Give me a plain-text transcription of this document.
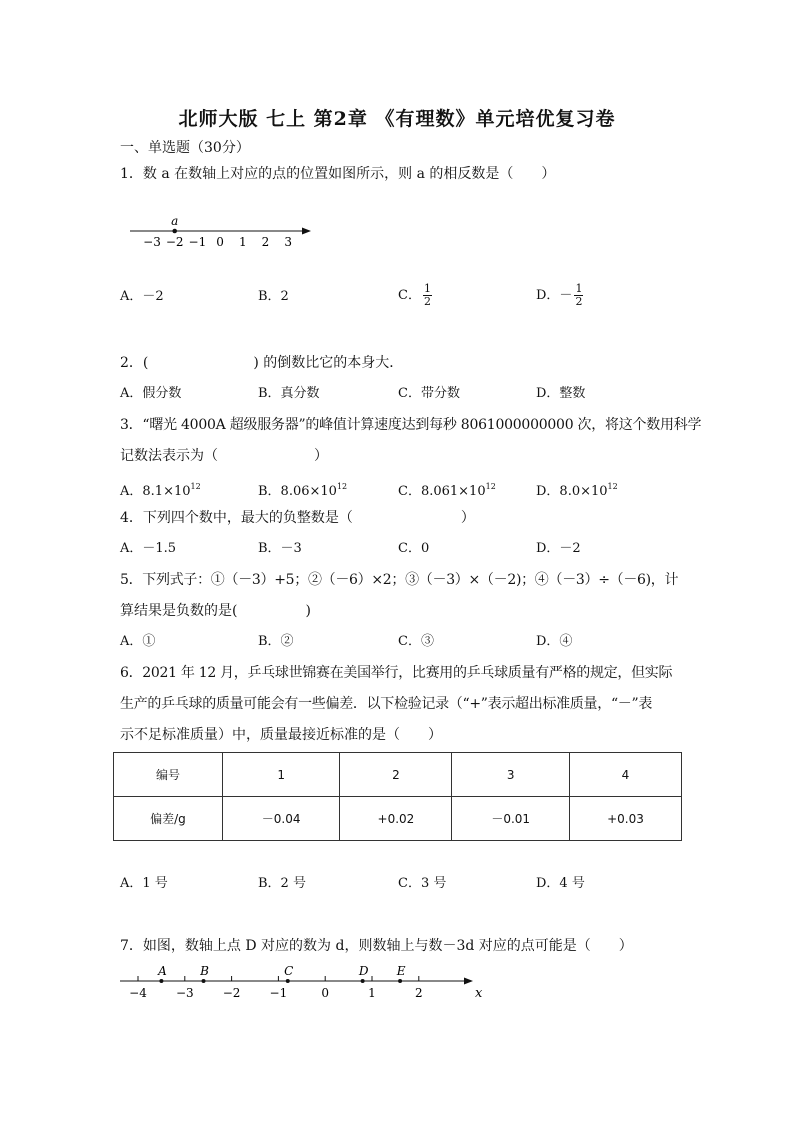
北师大版 七上 第2章 《有理数》单元培优复习卷
一、单选题（30分）
1．数 a 在数轴上对应的点的位置如图所示，则 a 的相反数是（　　）
−3 −2 −1 0 1 2 3
a
A．－2	B．2	C． $\frac{1}{2}$	D．－ $\frac{1}{2}$
2．(	) 的倒数比它的本身大．
A．假分数	B．真分数	C．带分数	D．整数
3．“曙光 4000A 超级服务器”的峰值计算速度达到每秒 8061000000000 次，将这个数用科学
记数法表示为（	）
A．$8.1\times 10^{12}$	B．$8.06\times 10^{12}$	C．$8.061\times 10^{12}$	D．$8.0\times 10^{12}$
4．下列四个数中，最大的负整数是（	）
A．－1.5	B．－3	C．0	D．－2
5．下列式子：①（－3）+5；②（－6）×2；③（－3）×（－2)；④（－3）÷（－6)，计
算结果是负数的是(	)
A．①	B．②	C．③	D．④
6．2021 年 12 月，乒乓球世锦赛在美国举行，比赛用的乒乓球质量有严格的规定，但实际
生产的乒乓球的质量可能会有一些偏差．以下检验记录（“+”表示超出标准质量，“－”表
示不足标准质量）中，质量最接近标准的是（　　）
编号	1	2	3	4
偏差/g	－0.04	+0.02	－0.01	+0.03
A．1 号	B．2 号	C．3 号	D．4 号
7．如图，数轴上点 D 对应的数为 d，则数轴上与数－3d 对应的点可能是（　　）
−4 −3 −2 −1	0	1	2
A	B	C	D E
x
